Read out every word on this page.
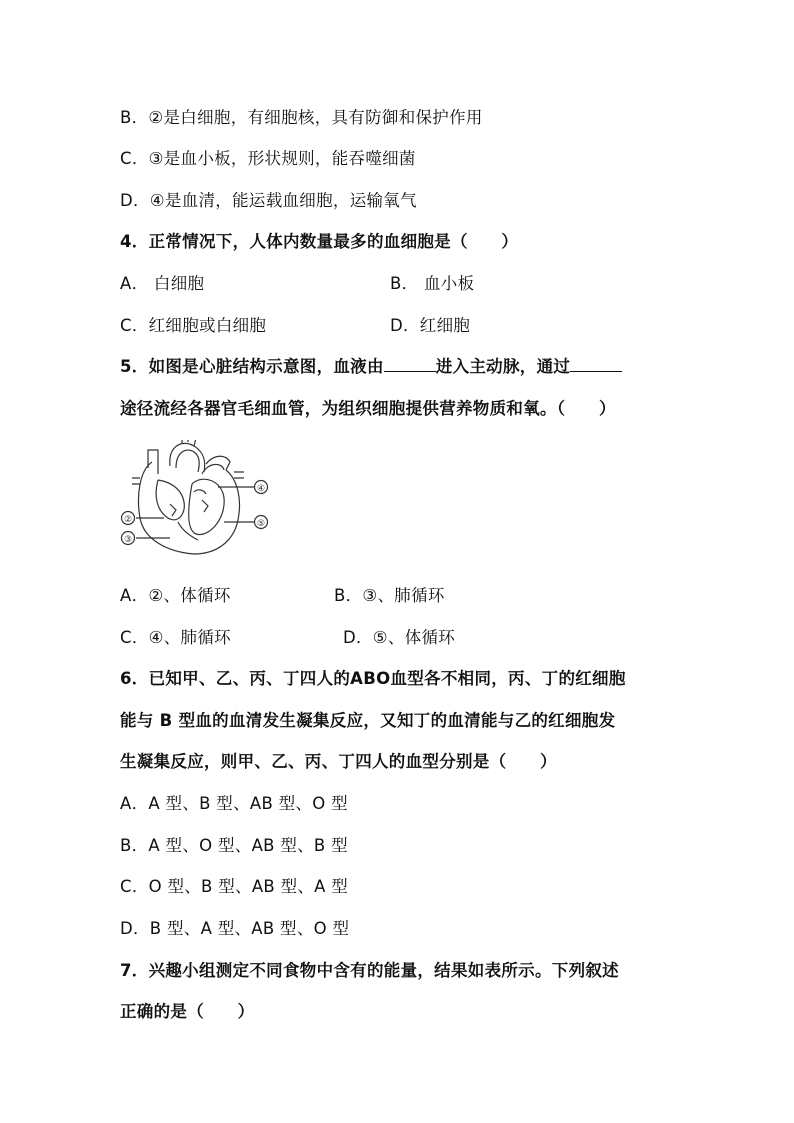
B．②是白细胞，有细胞核，具有防御和保护作用
C．③是血小板，形状规则，能吞噬细菌
D．④是血清，能运载血细胞，运输氧气
4．正常情况下，人体内数量最多的血细胞是（　　）
A． 白细胞	B． 血小板
C．红细胞或白细胞	D．红细胞
5．如图是心脏结构示意图，血液由	进入主动脉，通过
途径流经各器官毛细血管，为组织细胞提供营养物质和氧。（　　）
②
③
④
⑤
A．②、体循环	B．③、肺循环
C．④、肺循环	D．⑤、体循环
6．已知甲、乙、丙、丁四人的ABO血型各不相同，丙、丁的红细胞
能与 B 型血的血清发生凝集反应，又知丁的血清能与乙的红细胞发
生凝集反应，则甲、乙、丙、丁四人的血型分别是（　　）
A．A 型、B 型、AB 型、O 型
B．A 型、O 型、AB 型、B 型
C．O 型、B 型、AB 型、A 型
D．B 型、A 型、AB 型、O 型
7．兴趣小组测定不同食物中含有的能量，结果如表所示。下列叙述
正确的是（　　）
